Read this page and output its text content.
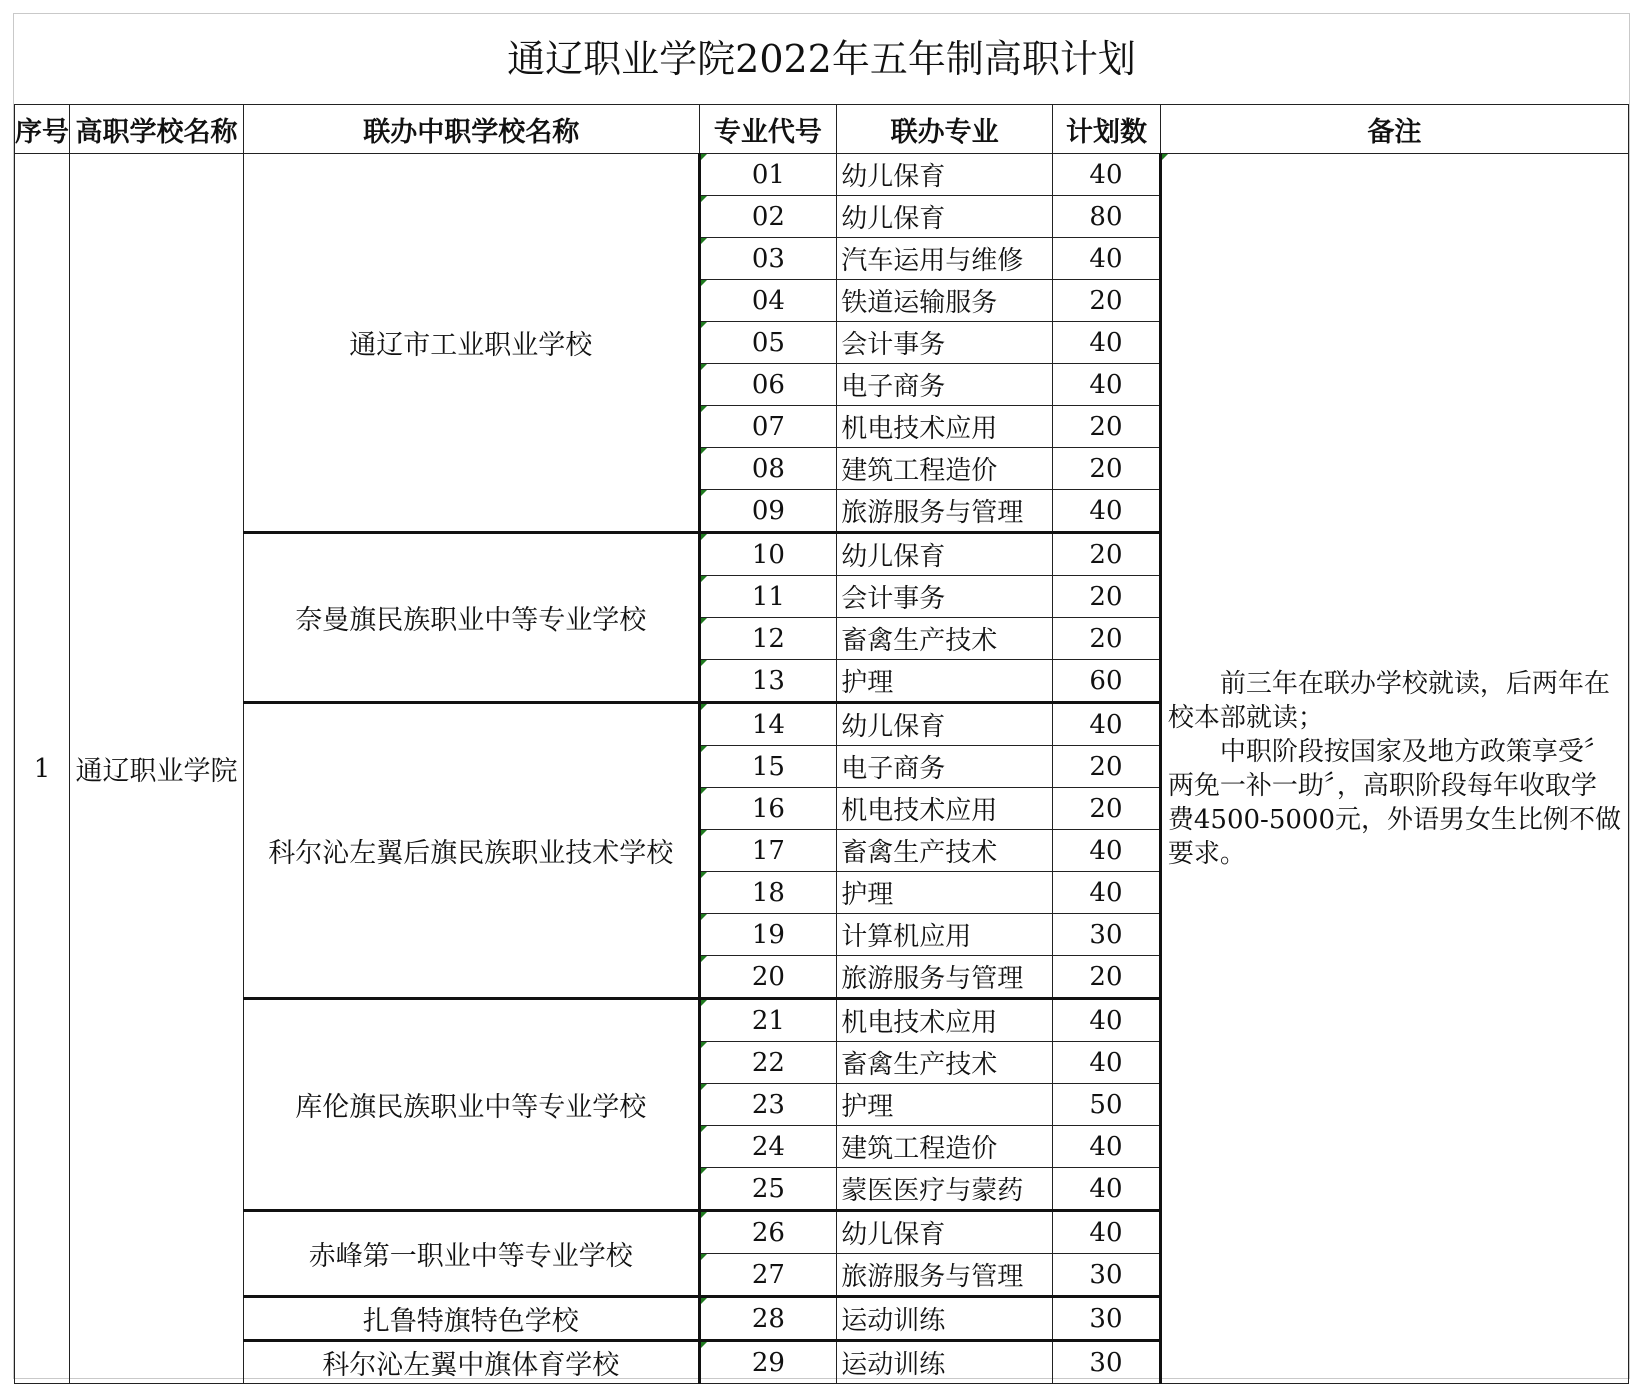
通辽职业学院2022年五年制高职计划
序号	高职学校名称	联办中职学校名称	专业代号	联办专业	计划数	备注
1	通辽职业学院	通辽市工业职业学校	01	幼儿保育	40	前三年在联办学校就读，后两年在校本部就读；
中职阶段按国家及地方政策享受〞两免一补一助〞，高职阶段每年收取学费4500-5000元，外语男女生比例不做要求。

			02	幼儿保育	80	
			03	汽车运用与维修	40	
			04	铁道运输服务	20	
			05	会计事务	40	
			06	电子商务	40	
			07	机电技术应用	20	
			08	建筑工程造价	20	
			09	旅游服务与管理	40	
		奈曼旗民族职业中等专业学校	10	幼儿保育	20	
			11	会计事务	20	
			12	畜禽生产技术	20	
			13	护理	60	
		科尔沁左翼后旗民族职业技术学校	14	幼儿保育	40	
			15	电子商务	20	
			16	机电技术应用	20	
			17	畜禽生产技术	40	
			18	护理	40	
			19	计算机应用	30	
			20	旅游服务与管理	20	
		库伦旗民族职业中等专业学校	21	机电技术应用	40	
			22	畜禽生产技术	40	
			23	护理	50	
			24	建筑工程造价	40	
			25	蒙医医疗与蒙药	40	
		赤峰第一职业中等专业学校	26	幼儿保育	40	
			27	旅游服务与管理	30	
		扎鲁特旗特色学校	28	运动训练	30	
		科尔沁左翼中旗体育学校	29	运动训练	30	
